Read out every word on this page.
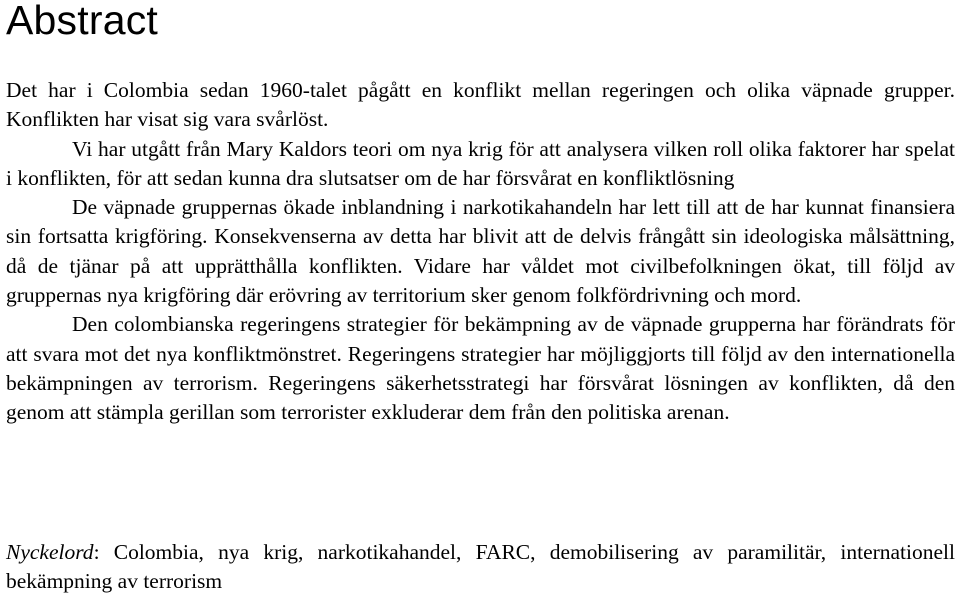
Abstract

Det har i Colombia sedan 1960-talet pågått en konflikt mellan regeringen och olika väpnade grupper. Konflikten har visat sig vara svårlöst.

Vi har utgått från Mary Kaldors teori om nya krig för att analysera vilken roll olika faktorer har spelat i konflikten, för att sedan kunna dra slutsatser om de har försvårat en konfliktlösning

De väpnade gruppernas ökade inblandning i narkotikahandeln har lett till att de har kunnat finansiera sin fortsatta krigföring. Konsekvenserna av detta har blivit att de delvis frångått sin ideologiska målsättning, då de tjänar på att upprätthålla konflikten. Vidare har våldet mot civilbefolkningen ökat, till följd av gruppernas nya krigföring där erövring av territorium sker genom folkfördrivning och mord.

Den colombianska regeringens strategier för bekämpning av de väpnade grupperna har förändrats för att svara mot det nya konfliktmönstret. Regeringens strategier har möjliggjorts till följd av den internationella bekämpningen av terrorism. Regeringens säkerhetsstrategi har försvårat lösningen av konflikten, då den genom att stämpla gerillan som terrorister exkluderar dem från den politiska arenan.

Nyckelord: Colombia, nya krig, narkotikahandel, FARC, demobilisering av paramilitär, internationell bekämpning av terrorism
